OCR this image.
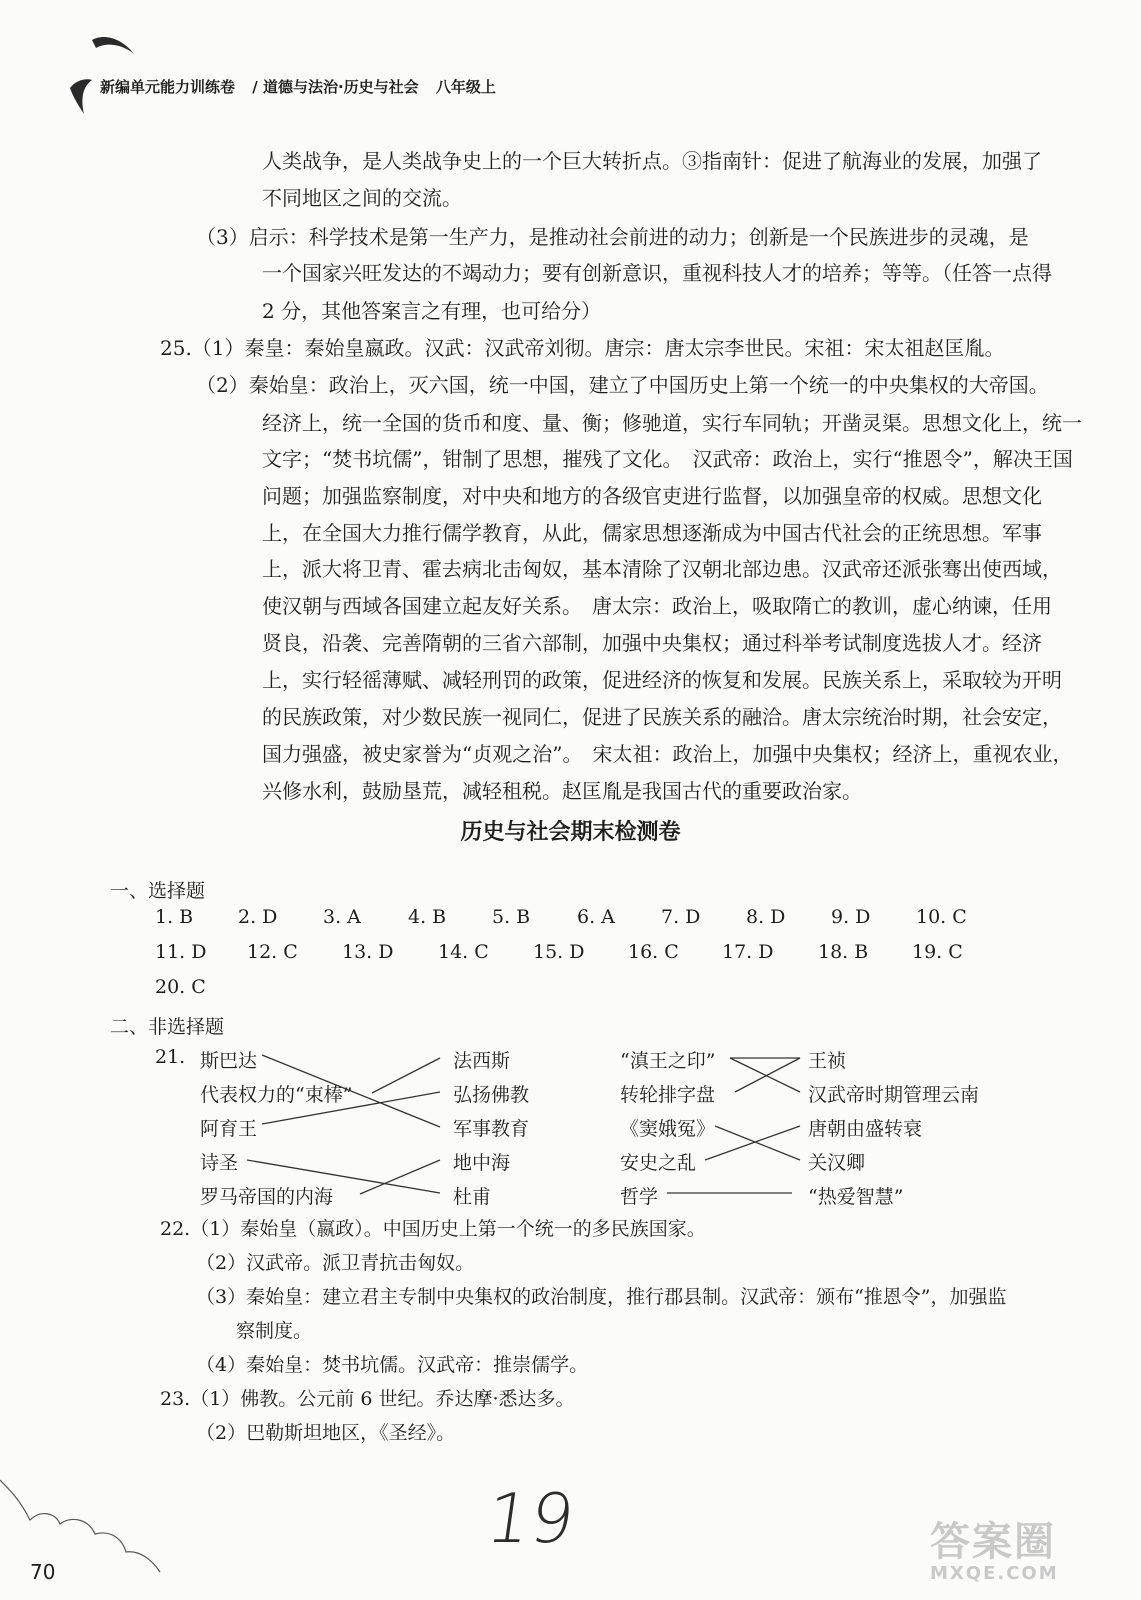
新编单元能力训练卷 / 道德与法治·历史与社会 八年级上
人类战争，是人类战争史上的一个巨大转折点。③指南针：促进了航海业的发展，加强了
不同地区之间的交流。
（3）启示：科学技术是第一生产力，是推动社会前进的动力；创新是一个民族进步的灵魂，是
一个国家兴旺发达的不竭动力；要有创新意识，重视科技人才的培养；等等。（任答一点得
2 分，其他答案言之有理，也可给分）
25.（1）秦皇：秦始皇嬴政。汉武：汉武帝刘彻。唐宗：唐太宗李世民。宋祖：宋太祖赵匡胤。
（2）秦始皇：政治上，灭六国，统一中国，建立了中国历史上第一个统一的中央集权的大帝国。
经济上，统一全国的货币和度、量、衡；修驰道，实行车同轨；开凿灵渠。思想文化上，统一
文字；“焚书坑儒”，钳制了思想，摧残了文化。　汉武帝：政治上，实行“推恩令”，解决王国
问题；加强监察制度，对中央和地方的各级官吏进行监督，以加强皇帝的权威。思想文化
上，在全国大力推行儒学教育，从此，儒家思想逐渐成为中国古代社会的正统思想。军事
上，派大将卫青、霍去病北击匈奴，基本清除了汉朝北部边患。汉武帝还派张骞出使西域，
使汉朝与西域各国建立起友好关系。　唐太宗：政治上，吸取隋亡的教训，虚心纳谏，任用
贤良，沿袭、完善隋朝的三省六部制，加强中央集权；通过科举考试制度选拔人才。经济
上，实行轻徭薄赋、减轻刑罚的政策，促进经济的恢复和发展。民族关系上，采取较为开明
的民族政策，对少数民族一视同仁，促进了民族关系的融洽。唐太宗统治时期，社会安定，
国力强盛，被史家誉为“贞观之治”。　宋太祖：政治上，加强中央集权；经济上，重视农业，
兴修水利，鼓励垦荒，减轻租税。赵匡胤是我国古代的重要政治家。
历史与社会期末检测卷
一、选择题
1. B 2. D 3. A 4. B 5. B 6. A 7. D 8. D 9. D 10. C
11. D 12. C 13. D 14. C 15. D 16. C 17. D 18. B 19. C
20. C
二、非选择题
21. 斯巴达
代表权力的“束棒”
阿育王
诗圣
罗马帝国的内海
法西斯
弘扬佛教
军事教育
地中海
杜甫
“滇王之印”
转轮排字盘
《窦娥冤》
安史之乱
哲学
王祯
汉武帝时期管理云南
唐朝由盛转衰
关汉卿
“热爱智慧”
22.（1）秦始皇（嬴政）。中国历史上第一个统一的多民族国家。
（2）汉武帝。派卫青抗击匈奴。
（3）秦始皇：建立君主专制中央集权的政治制度，推行郡县制。汉武帝：颁布“推恩令”，加强监
察制度。
（4）秦始皇：焚书坑儒。汉武帝：推崇儒学。
23.（1）佛教。公元前 6 世纪。乔达摩·悉达多。
（2）巴勒斯坦地区，《圣经》。
70
19	答案圈
MXQE.COM
